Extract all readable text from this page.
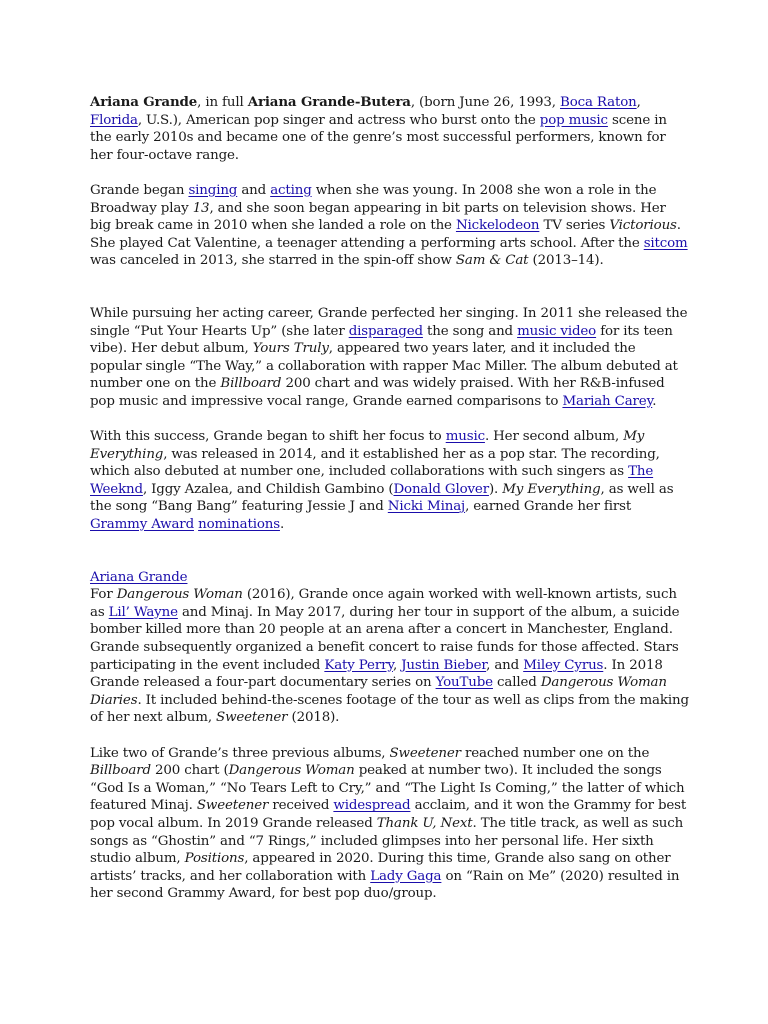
Ariana Grande, in full Ariana Grande-Butera, (born June 26, 1993, Boca Raton, Florida, U.S.), American pop singer and actress who burst onto the pop music scene in the early 2010s and became one of the genre’s most successful performers, known for her four-octave range.

Grande began singing and acting when she was young. In 2008 she won a role in the Broadway play 13, and she soon began appearing in bit parts on television shows. Her big break came in 2010 when she landed a role on the Nickelodeon TV series Victorious. She played Cat Valentine, a teenager attending a performing arts school. After the sitcom was canceled in 2013, she starred in the spin-off show Sam & Cat (2013–14).

While pursuing her acting career, Grande perfected her singing. In 2011 she released the single “Put Your Hearts Up” (she later disparaged the song and music video for its teen vibe). Her debut album, Yours Truly, appeared two years later, and it included the popular single “The Way,” a collaboration with rapper Mac Miller. The album debuted at number one on the Billboard 200 chart and was widely praised. With her R&B-infused pop music and impressive vocal range, Grande earned comparisons to Mariah Carey.

With this success, Grande began to shift her focus to music. Her second album, My Everything, was released in 2014, and it established her as a pop star. The recording, which also debuted at number one, included collaborations with such singers as The Weeknd, Iggy Azalea, and Childish Gambino (Donald Glover). My Everything, as well as the song “Bang Bang” featuring Jessie J and Nicki Minaj, earned Grande her first Grammy Award nominations.

Ariana Grande
For Dangerous Woman (2016), Grande once again worked with well-known artists, such as Lil’ Wayne and Minaj. In May 2017, during her tour in support of the album, a suicide bomber killed more than 20 people at an arena after a concert in Manchester, England. Grande subsequently organized a benefit concert to raise funds for those affected. Stars participating in the event included Katy Perry, Justin Bieber, and Miley Cyrus. In 2018 Grande released a four-part documentary series on YouTube called Dangerous Woman Diaries. It included behind-the-scenes footage of the tour as well as clips from the making of her next album, Sweetener (2018).

Like two of Grande’s three previous albums, Sweetener reached number one on the Billboard 200 chart (Dangerous Woman peaked at number two). It included the songs “God Is a Woman,” “No Tears Left to Cry,” and “The Light Is Coming,” the latter of which featured Minaj. Sweetener received widespread acclaim, and it won the Grammy for best pop vocal album. In 2019 Grande released Thank U, Next. The title track, as well as such songs as “Ghostin” and “7 Rings,” included glimpses into her personal life. Her sixth studio album, Positions, appeared in 2020. During this time, Grande also sang on other artists’ tracks, and her collaboration with Lady Gaga on “Rain on Me” (2020) resulted in her second Grammy Award, for best pop duo/group.
